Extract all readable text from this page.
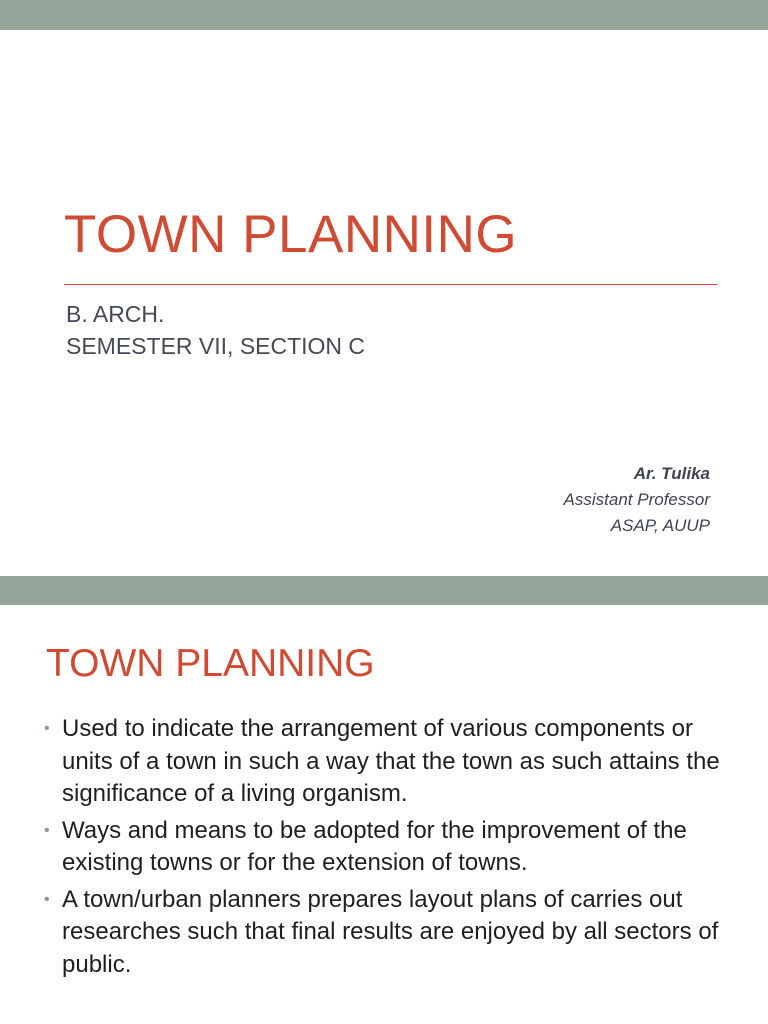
TOWN PLANNING
B. ARCH.
SEMESTER VII, SECTION C
Ar. Tulika
Assistant Professor
ASAP, AUUP
TOWN PLANNING
• Used to indicate the arrangement of various components or units of a town in such a way that the town as such attains the significance of a living organism.
• Ways and means to be adopted for the improvement of the existing towns or for the extension of towns.
• A town/urban planners prepares layout plans of carries out researches such that final results are enjoyed by all sectors of public.
